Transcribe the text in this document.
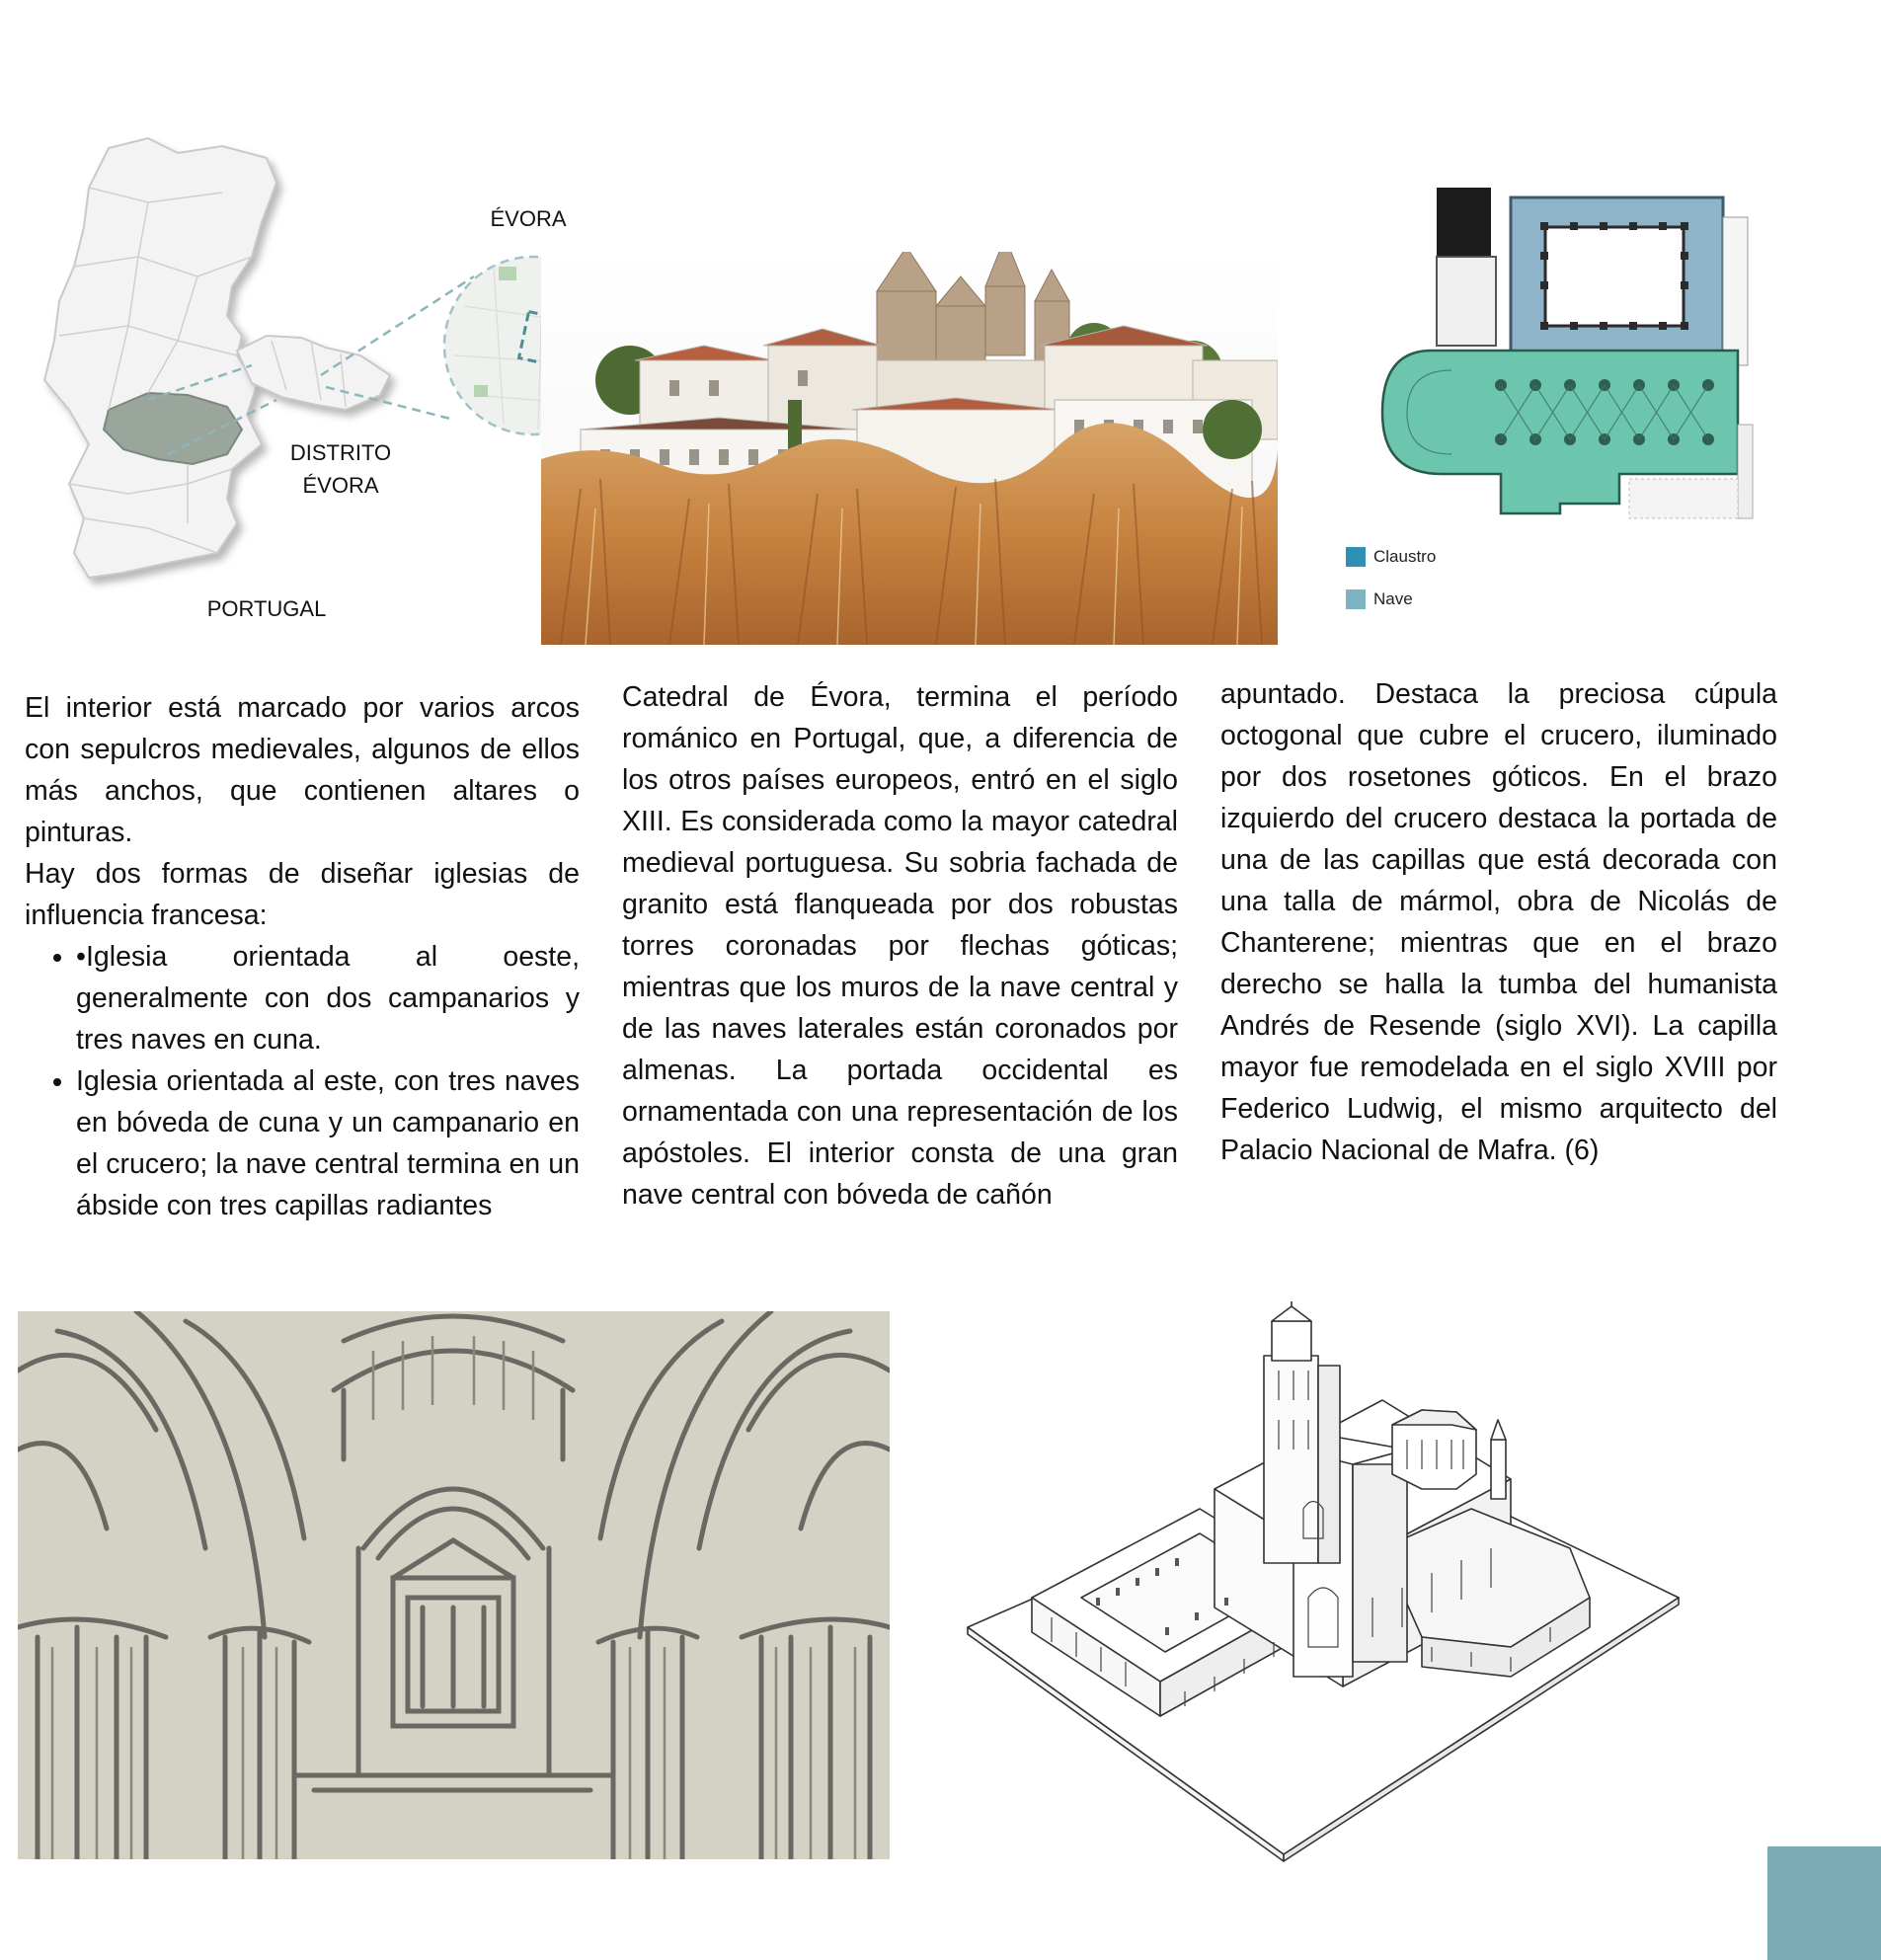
ÉVORA
DISTRITO
ÉVORA
PORTUGAL
Claustro
Nave

El interior está marcado por varios arcos con sepulcros medievales, algunos de ellos más anchos, que contienen altares o pinturas.

Hay dos formas de diseñar iglesias de influencia francesa:

• •Iglesia orientada al oeste, generalmente con dos campanarios y tres naves en cuna.
• Iglesia orientada al este, con tres naves en bóveda de cuna y un campanario en el crucero; la nave central termina en un ábside con tres capillas radiantes

Catedral de Évora, termina el período románico en Portugal, que, a diferencia de los otros países europeos, entró en el siglo XIII. Es considerada como la mayor catedral medieval portuguesa. Su sobria fachada de granito está flanqueada por dos robustas torres coronadas por flechas góticas; mientras que los muros de la nave central y de las naves laterales están coronados por almenas. La portada occidental es ornamentada con una representación de los apóstoles. El interior consta de una gran nave central con bóveda de cañón

apuntado. Destaca la preciosa cúpula octogonal que cubre el crucero, iluminado por dos rosetones góticos. En el brazo izquierdo del crucero destaca la portada de una de las capillas que está decorada con una talla de mármol, obra de Nicolás de Chanterene; mientras que en el brazo derecho se halla la tumba del humanista Andrés de Resende (siglo XVI). La capilla mayor fue remodelada en el siglo XVIII por Federico Ludwig, el mismo arquitecto del Palacio Nacional de Mafra. (6)
